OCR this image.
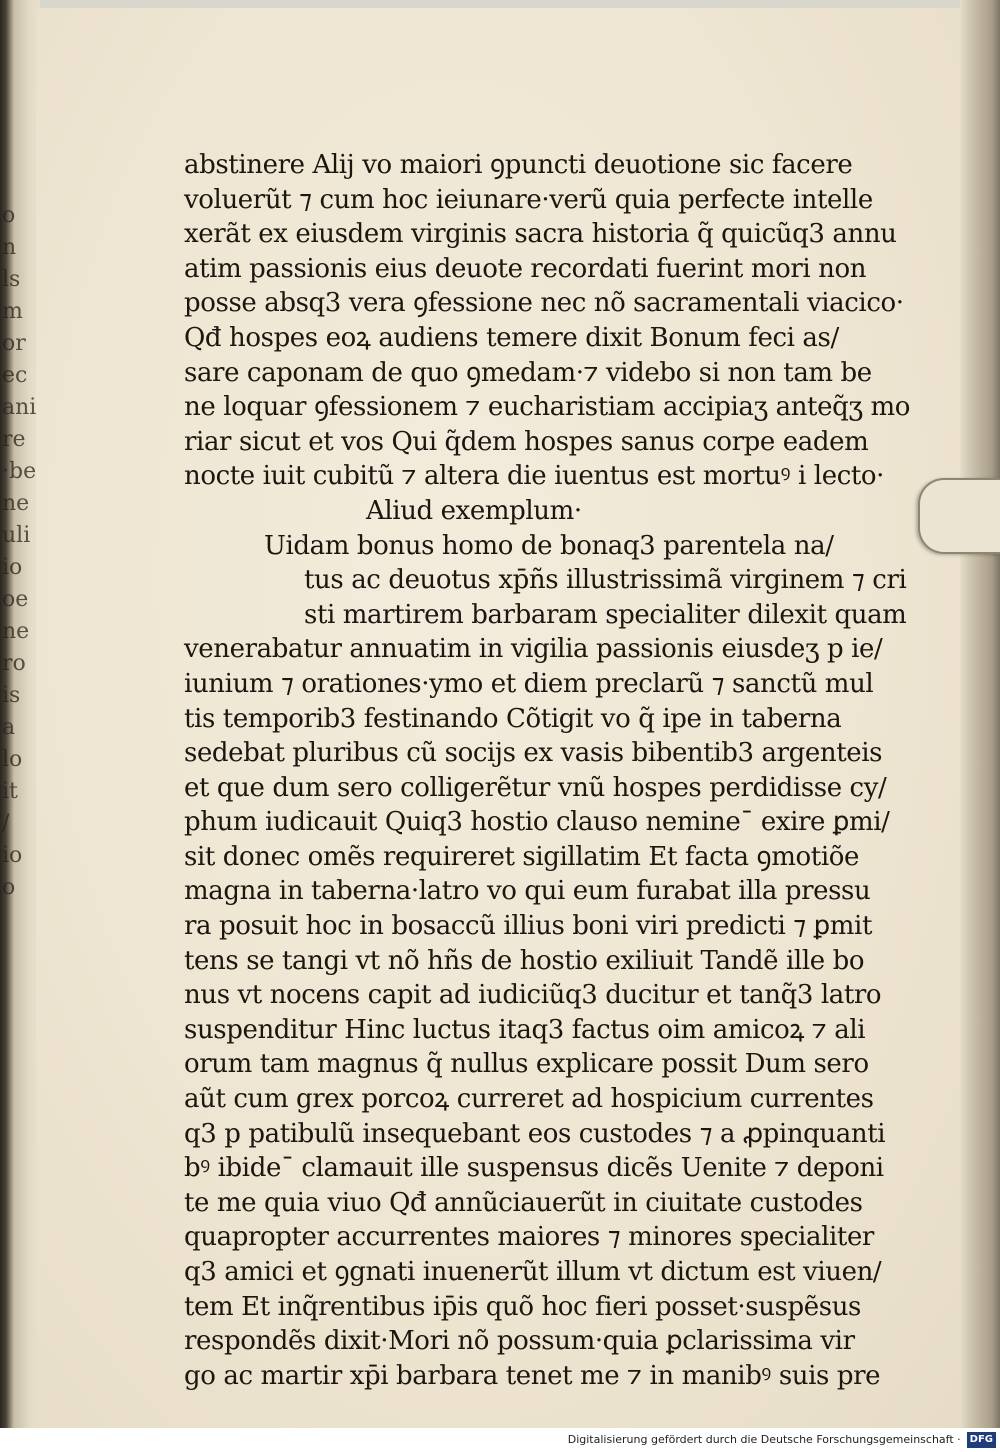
o
n
ls
m
or
ec
ani
re
·be
ne
uli
io
oe
ne
ro
is
a
lo
it
/
io
o
abstinere Alij vo maiori ꝯpuncti deuotione sic facere
voluerũt ⁊ cum hoc ieiunare·verũ quia perfecte intelle
xerãt ex eiusdem virginis sacra historia q̃ quicũq3 annu
atim passionis eius deuote recordati fuerint mori non
posse absq3 vera ꝯfessione nec nõ sacramentali viacico·
Qđ hospes eoꝝ audiens temere dixit Bonum feci as/
sare caponam de quo ꝯmedam·⁊ videbo si non tam be
ne loquar ꝯfessionem ⁊ eucharistiam accipiaʒ anteq̃ʒ mo
riar sicut et vos Qui q̃dem hospes sanus corpe eadem
nocte iuit cubitũ ⁊ altera die iuentus est mortuꝰ i lecto·
Aliud exemplum·
Uidam bonus homo de bonaq3 parentela na/
tus ac deuotus xp̄ñs illustrissimã virginem ⁊ cri
sti martirem barbaram specialiter dilexit quam
venerabatur annuatim in vigilia passionis eiusdeʒ p ie/
iunium ⁊ orationes·ymo et diem preclarũ ⁊ sanctũ mul
tis temporib3 festinando Cõtigit vo q̃ ipe in taberna
sedebat pluribus cũ socijs ex vasis bibentib3 argenteis
et que dum sero colligerẽtur vnũ hospes perdidisse cy/
phum iudicauit Quiq3 hostio clauso nemineˉ exire ꝑmi/
sit donec omẽs requireret sigillatim Et facta ꝯmotiõe
magna in taberna·latro vo qui eum furabat illa pressu
ra posuit hoc in bosaccũ illius boni viri predicti ⁊ ꝑmit
tens se tangi vt nõ hñs de hostio exiliuit Tandẽ ille bo
nus vt nocens capit ad iudiciũq3 ducitur et tanq̃3 latro
suspenditur Hinc luctus itaq3 factus oim amicoꝝ ⁊ ali
orum tam magnus q̃ nullus explicare possit Dum sero
aũt cum grex porcoꝝ curreret ad hospicium currentes
q3 p patibulũ insequebant eos custodes ⁊ a ꝓpinquanti
bꝰ ibideˉ clamauit ille suspensus dicẽs Uenite ⁊ deponi
te me quia viuo Qđ annũciauerũt in ciuitate custodes
quapropter accurrentes maiores ⁊ minores specialiter
q3 amici et ꝯgnati inuenerũt illum vt dictum est viuen/
tem Et inq̃rentibus ip̄is quõ hoc fieri posset·suspẽsus
respondẽs dixit·Mori nõ possum·quia ꝑclarissima vir
go ac martir xp̄i barbara tenet me ⁊ in manibꝰ suis pre
Digitalisierung gefördert durch die Deutsche Forschungsgemeinschaft · DFG
